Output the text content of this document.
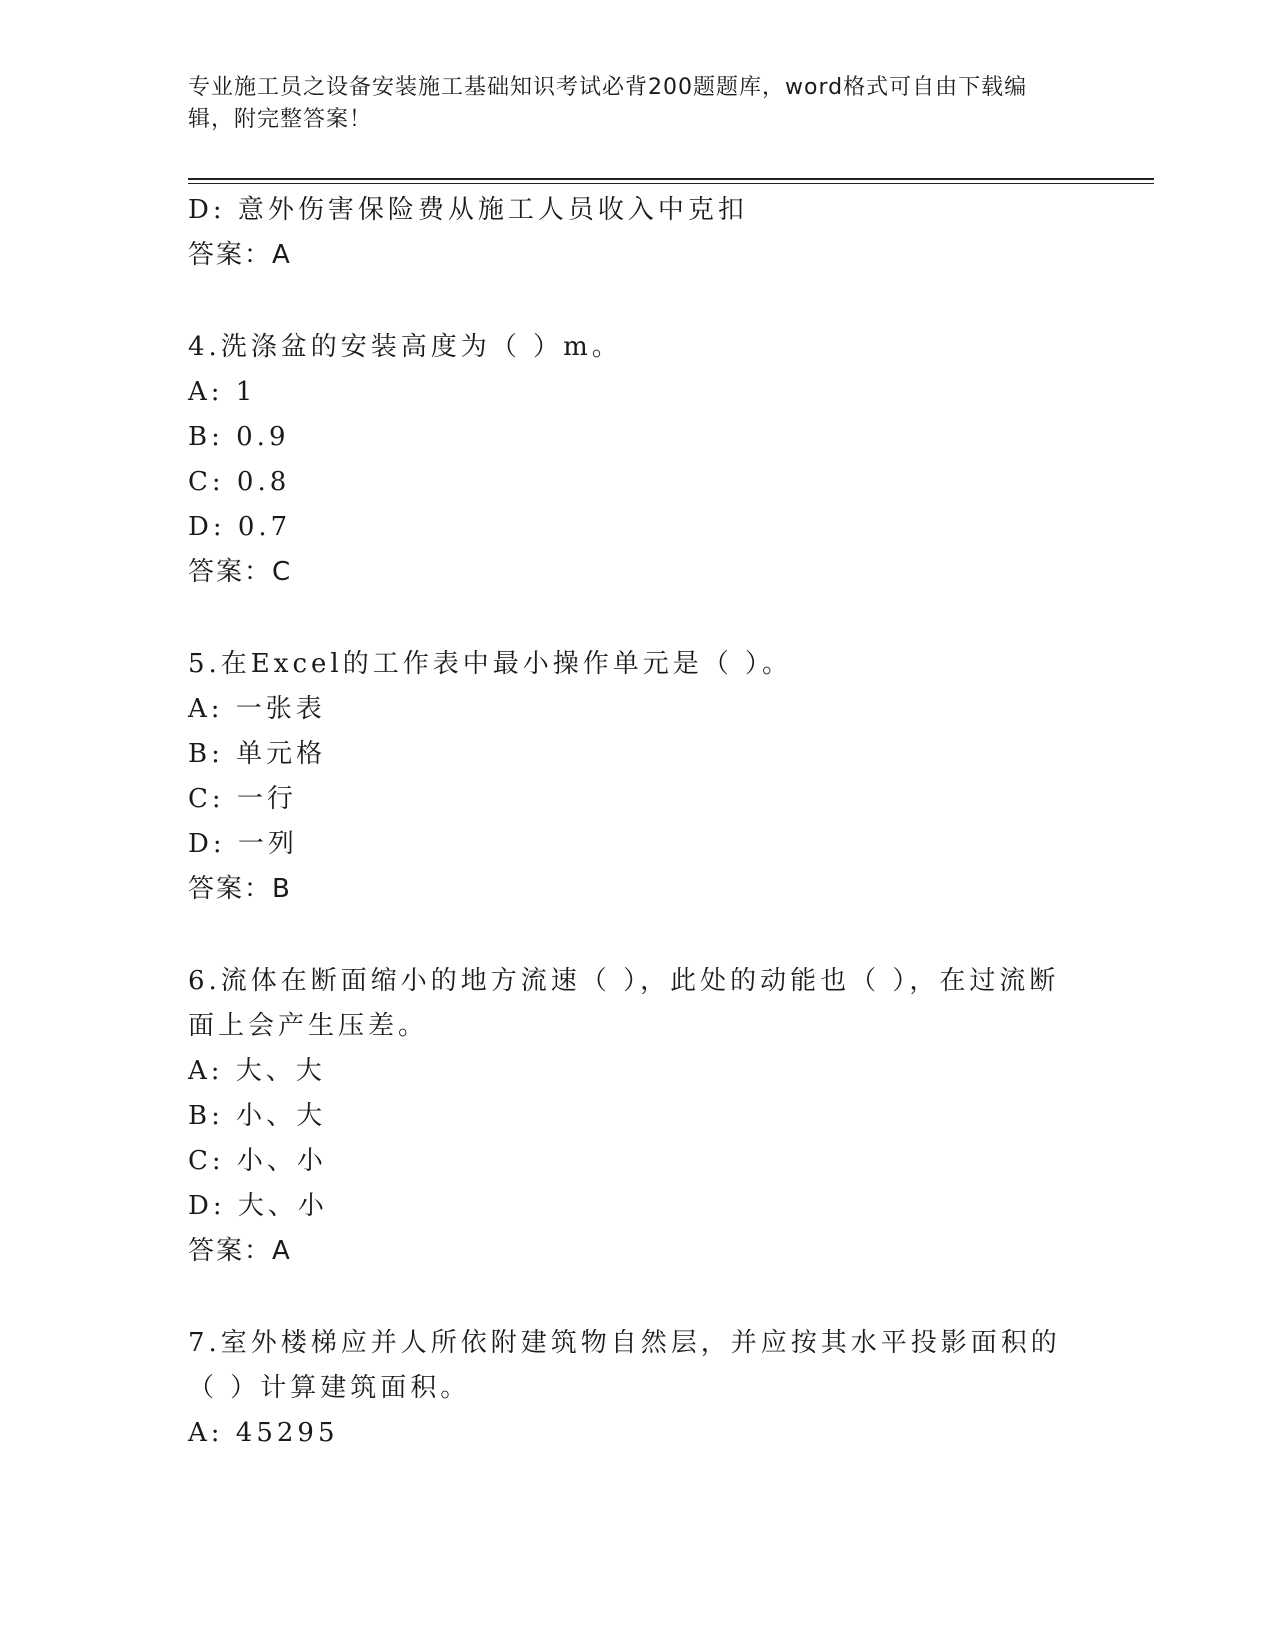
专业施工员之设备安装施工基础知识考试必背200题题库，word格式可自由下载编辑，附完整答案！
D: 意外伤害保险费从施工人员收入中克扣
答案：A
4.洗涤盆的安装高度为（ ）m。
A: 1
B: 0.9
C: 0.8
D: 0.7
答案：C
5.在Excel的工作表中最小操作单元是（ ）。
A: 一张表
B: 单元格
C: 一行
D: 一列
答案：B
6.流体在断面缩小的地方流速（ ），此处的动能也（ ），在过流断面上会产生压差。
A: 大、大
B: 小、大
C: 小、小
D: 大、小
答案：A
7.室外楼梯应并人所依附建筑物自然层，并应按其水平投影面积的（ ）计算建筑面积。
A: 45295
